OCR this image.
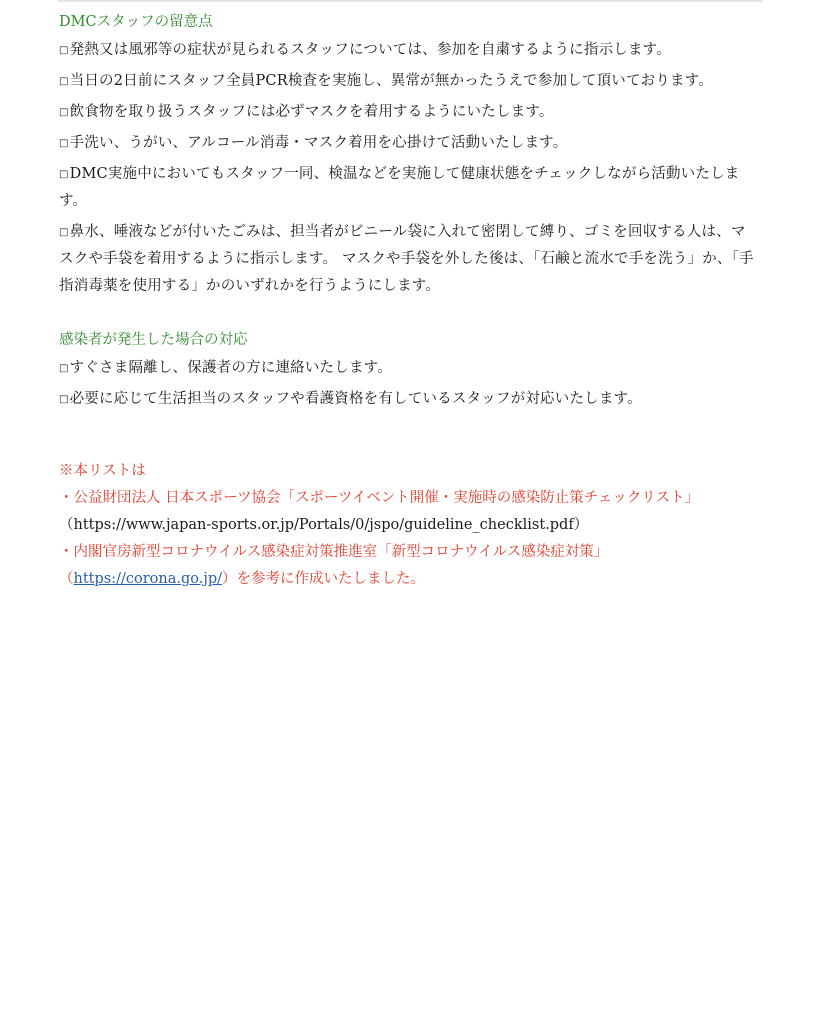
DMCスタッフの留意点
□発熱又は風邪等の症状が見られるスタッフについては、参加を自粛するように指示します。
□当日の2日前にスタッフ全員PCR検査を実施し、異常が無かったうえで参加して頂いております。
□飲食物を取り扱うスタッフには必ずマスクを着用するようにいたします。
□手洗い、うがい、アルコール消毒・マスク着用を心掛けて活動いたします。
□DMC実施中においてもスタッフ一同、検温などを実施して健康状態をチェックしながら活動いたします。
□鼻水、唾液などが付いたごみは、担当者がビニール袋に入れて密閉して縛り、ゴミを回収する人は、マスクや手袋を着用するように指示します。 マスクや手袋を外した後は、「石鹸と流水で手を洗う」か、「手指消毒薬を使用する」かのいずれかを行うようにします。
感染者が発生した場合の対応
□すぐさま隔離し、保護者の方に連絡いたします。
□必要に応じて生活担当のスタッフや看護資格を有しているスタッフが対応いたします。
※本リストは
・公益財団法人 日本スポーツ協会「スポーツイベント開催・実施時の感染防止策チェックリスト」
（https://www.japan-sports.or.jp/Portals/0/jspo/guideline_checklist.pdf）
・内閣官房新型コロナウイルス感染症対策推進室「新型コロナウイルス感染症対策」 （https://corona.go.jp/）を参考に作成いたしました。
